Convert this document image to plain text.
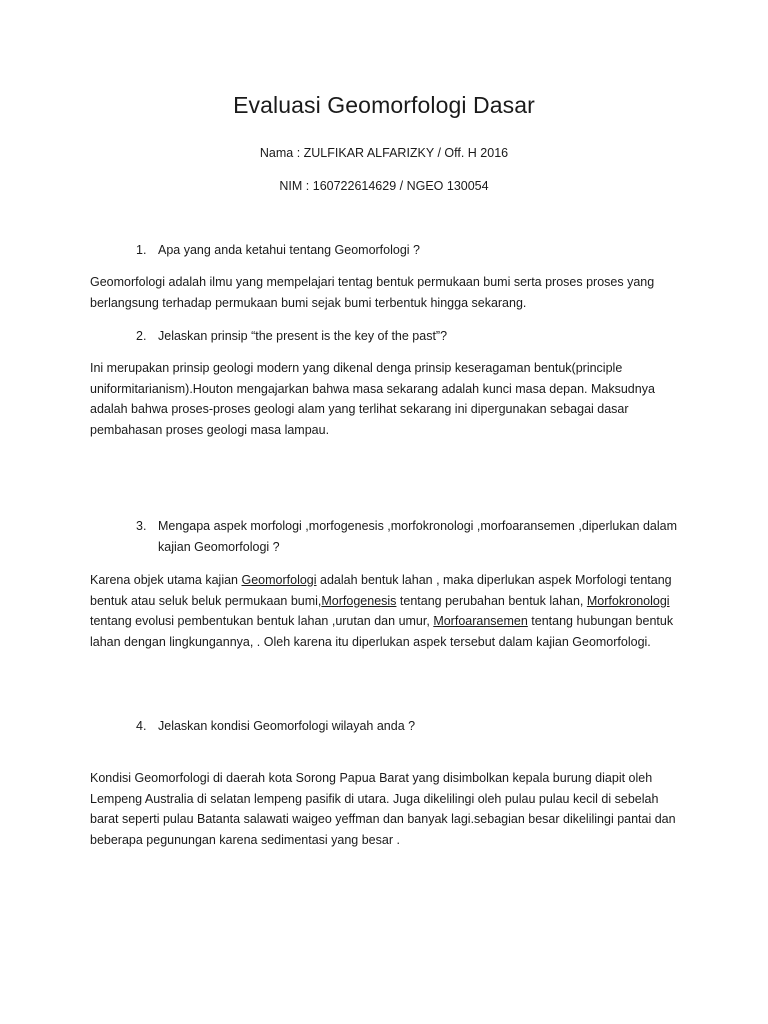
Evaluasi Geomorfologi Dasar
Nama : ZULFIKAR ALFARIZKY / Off. H 2016
NIM : 160722614629 / NGEO 130054
1. Apa yang anda ketahui tentang Geomorfologi ?

Geomorfologi adalah ilmu yang mempelajari tentag bentuk permukaan bumi serta proses proses yang berlangsung terhadap permukaan bumi sejak bumi terbentuk hingga sekarang.

2. Jelaskan prinsip “the present is the key of the past”?

Ini merupakan prinsip geologi modern yang dikenal denga prinsip keseragaman bentuk(principle uniformitarianism).Houton mengajarkan bahwa masa sekarang adalah kunci masa depan. Maksudnya adalah bahwa proses-proses geologi alam yang terlihat sekarang ini dipergunakan sebagai dasar pembahasan proses geologi masa lampau.

3. Mengapa aspek morfologi ,morfogenesis ,morfokronologi ,morfoaransemen ,diperlukan dalam kajian Geomorfologi ?

Karena objek utama kajian Geomorfologi adalah bentuk lahan , maka diperlukan aspek Morfologi tentang bentuk atau seluk beluk permukaan bumi,Morfogenesis tentang perubahan bentuk lahan, Morfokronologi tentang evolusi pembentukan bentuk lahan ,urutan dan umur, Morfoaransemen tentang hubungan bentuk lahan dengan lingkungannya, . Oleh karena itu diperlukan aspek tersebut dalam kajian Geomorfologi.

4. Jelaskan kondisi Geomorfologi wilayah anda ?

Kondisi Geomorfologi di daerah kota Sorong Papua Barat yang disimbolkan kepala burung diapit oleh Lempeng Australia di selatan lempeng pasifik di utara. Juga dikelilingi oleh pulau pulau kecil di sebelah barat seperti pulau Batanta salawati waigeo yeffman dan banyak lagi.sebagian besar dikelilingi pantai dan beberapa pegunungan karena sedimentasi yang besar .
